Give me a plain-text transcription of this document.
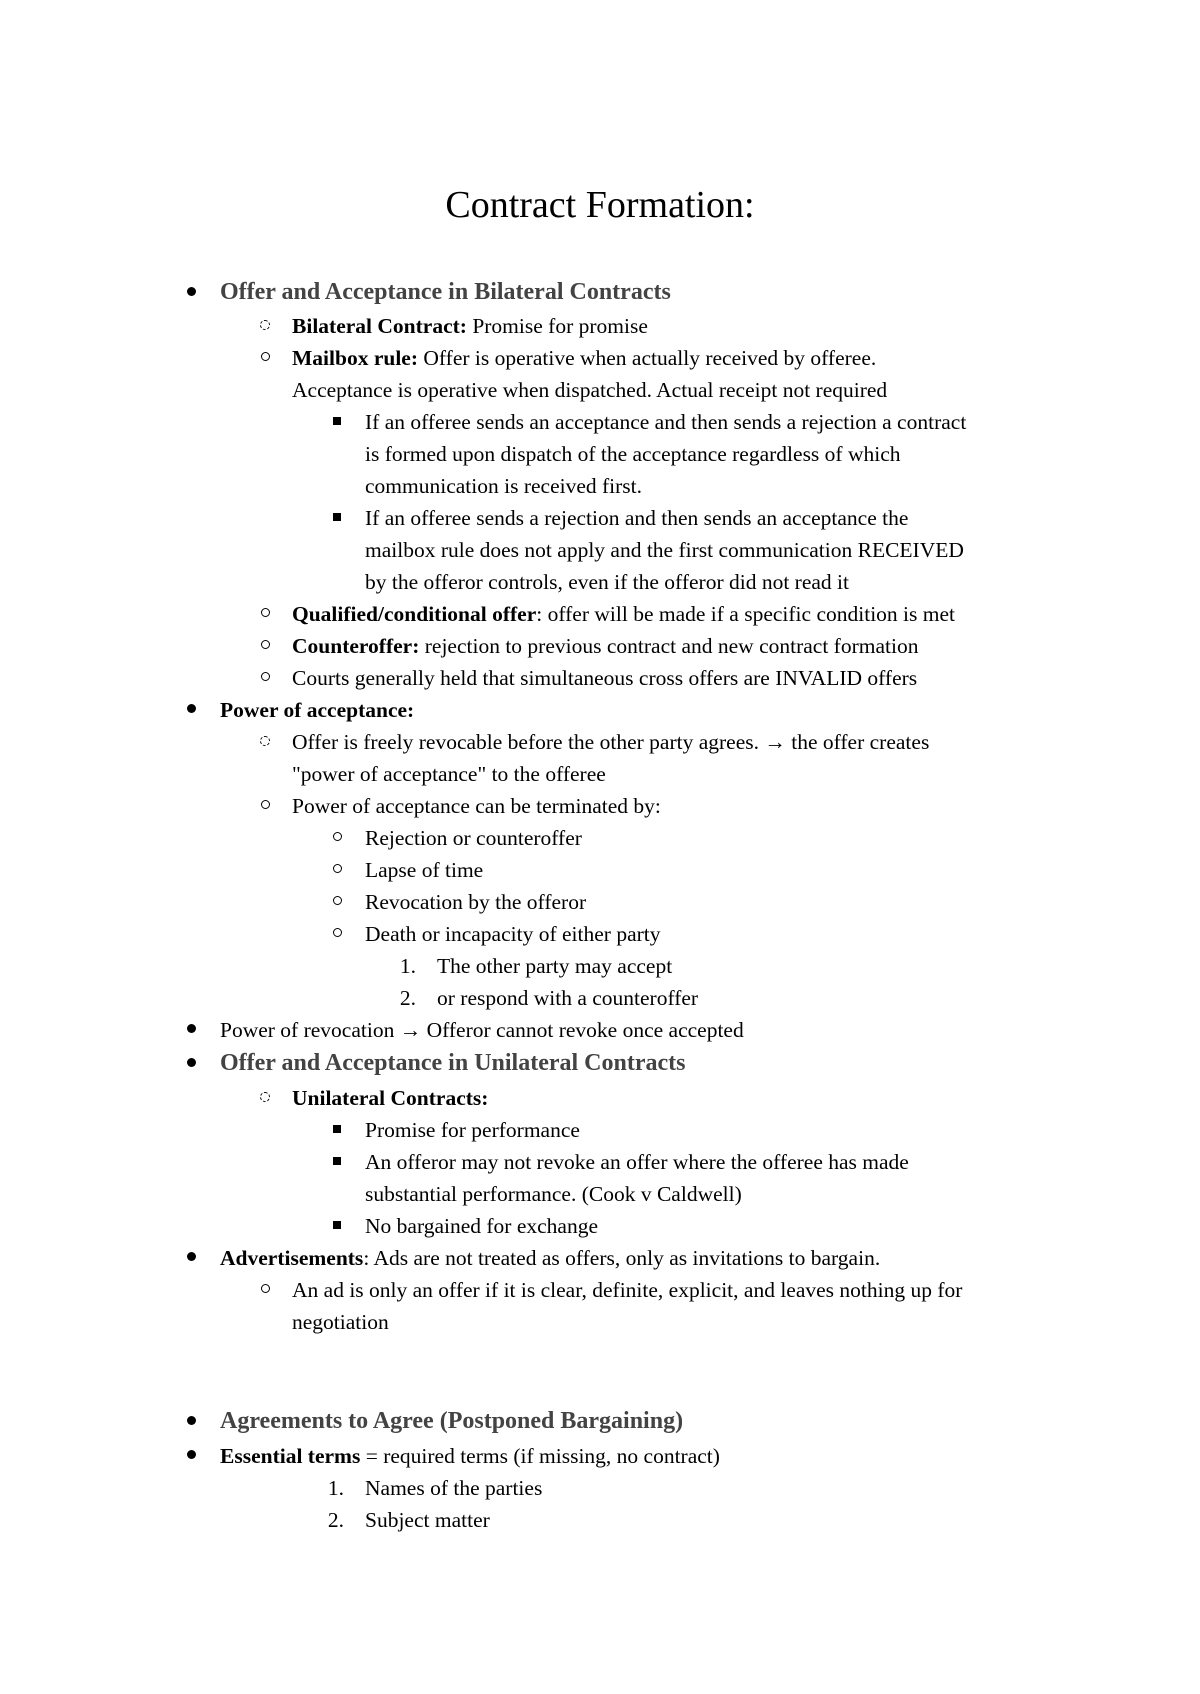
Contract Formation:
Offer and Acceptance in Bilateral Contracts
Bilateral Contract: Promise for promise
Mailbox rule: Offer is operative when actually received by offeree.
Acceptance is operative when dispatched. Actual receipt not required
If an offeree sends an acceptance and then sends a rejection a contract
is formed upon dispatch of the acceptance regardless of which
communication is received first.
If an offeree sends a rejection and then sends an acceptance the
mailbox rule does not apply and the first communication RECEIVED
by the offeror controls, even if the offeror did not read it
Qualified/conditional offer: offer will be made if a specific condition is met
Counteroffer: rejection to previous contract and new contract formation
Courts generally held that simultaneous cross offers are INVALID offers
Power of acceptance:
Offer is freely revocable before the other party agrees. → the offer creates
"power of acceptance" to the offeree
Power of acceptance can be terminated by:
Rejection or counteroffer
Lapse of time
Revocation by the offeror
Death or incapacity of either party
1. The other party may accept
2. or respond with a counteroffer
Power of revocation → Offeror cannot revoke once accepted
Offer and Acceptance in Unilateral Contracts
Unilateral Contracts:
Promise for performance
An offeror may not revoke an offer where the offeree has made
substantial performance. (Cook v Caldwell)
No bargained for exchange
Advertisements: Ads are not treated as offers, only as invitations to bargain.
An ad is only an offer if it is clear, definite, explicit, and leaves nothing up for
negotiation
Agreements to Agree (Postponed Bargaining)
Essential terms = required terms (if missing, no contract)
1. Names of the parties
2. Subject matter
